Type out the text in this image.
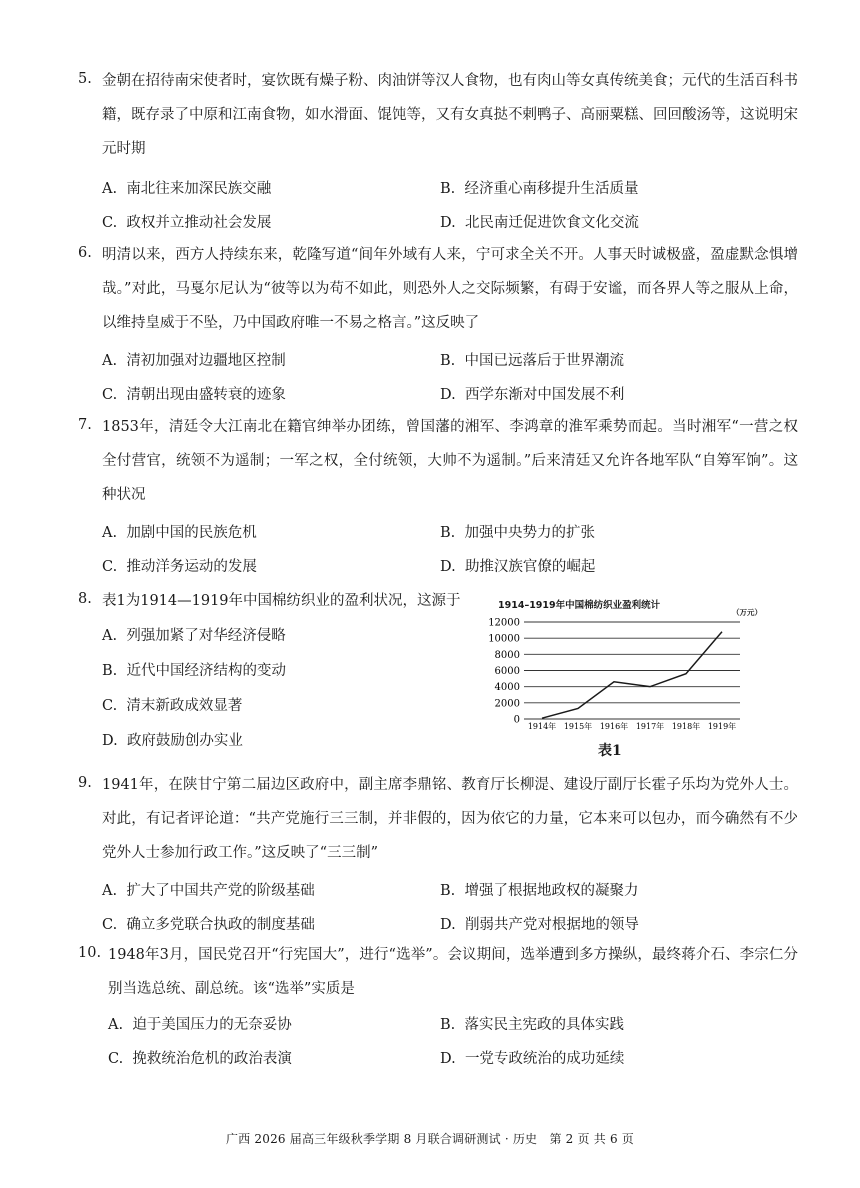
5. 金朝在招待南宋使者时，宴饮既有燥子粉、肉油饼等汉人食物，也有肉山等女真传统美食；元代的生活百科书籍，既存录了中原和江南食物，如水滑面、馄饨等，又有女真挞不剌鸭子、高丽粟糕、回回酸汤等，这说明宋元时期

A. 南北往来加深民族交融	B. 经济重心南移提升生活质量
C. 政权并立推动社会发展	D. 北民南迁促进饮食文化交流
6. 明清以来，西方人持续东来，乾隆写道“间年外域有人来，宁可求全关不开。人事天时诚极盛，盈虚默念惧增哉。”对此，马戛尔尼认为“彼等以为苟不如此，则恐外人之交际频繁，有碍于安谧，而各界人等之服从上命，以维持皇威于不坠，乃中国政府唯一不易之格言。”这反映了

A. 清初加强对边疆地区控制	B. 中国已远落后于世界潮流
C. 清朝出现由盛转衰的迹象	D. 西学东渐对中国发展不利
7. 1853年，清廷令大江南北在籍官绅举办团练，曾国藩的湘军、李鸿章的淮军乘势而起。当时湘军“一营之权全付营官，统领不为遥制；一军之权，全付统领，大帅不为遥制。”后来清廷又允许各地军队“自筹军饷”。这种状况

A. 加剧中国的民族危机	B. 加强中央势力的扩张
C. 推动洋务运动的发展	D. 助推汉族官僚的崛起
8. 表1为1914—1919年中国棉纺织业的盈利状况，这源于

A. 列强加紧了对华经济侵略
B. 近代中国经济结构的变动
C. 清末新政成效显著
D. 政府鼓励创办实业
1914–1919年中国棉纺织业盈利统计
（万元）
0
2000
4000
6000
8000
10000
12000
1914年 1915年 1916年 1917年 1918年 1919年
表1
9. 1941年，在陕甘宁第二届边区政府中，副主席李鼎铭、教育厅长柳湜、建设厅副厅长霍子乐均为党外人士。对此，有记者评论道：“共产党施行三三制，并非假的，因为依它的力量，它本来可以包办，而今确然有不少党外人士参加行政工作。”这反映了“三三制”

A. 扩大了中国共产党的阶级基础	B. 增强了根据地政权的凝聚力
C. 确立多党联合执政的制度基础	D. 削弱共产党对根据地的领导
10. 1948年3月，国民党召开“行宪国大”，进行“选举”。会议期间，选举遭到多方操纵，最终蒋介石、李宗仁分别当选总统、副总统。该“选举”实质是

A. 迫于美国压力的无奈妥协	B. 落实民主宪政的具体实践
C. 挽救统治危机的政治表演	D. 一党专政统治的成功延续
广西 2026 届高三年级秋季学期 8 月联合调研测试 · 历史　第 2 页 共 6 页
